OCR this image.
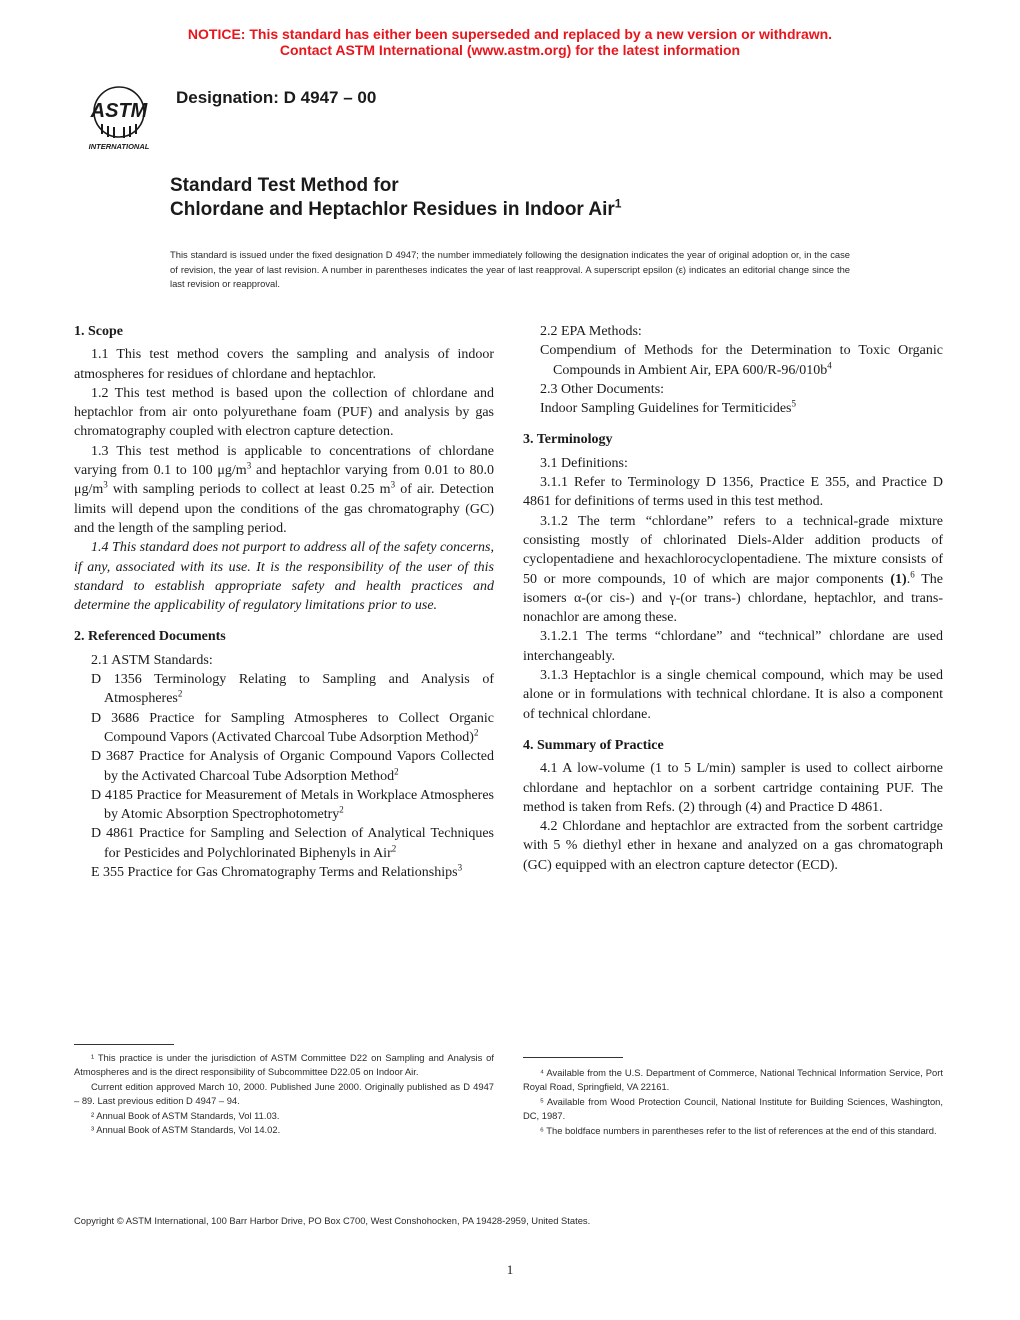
NOTICE: This standard has either been superseded and replaced by a new version or withdrawn.
Contact ASTM International (www.astm.org) for the latest information
ASTM
INTERNATIONAL
Designation: D 4947 – 00
Standard Test Method for
Chlordane and Heptachlor Residues in Indoor Air$^1$
This standard is issued under the fixed designation D 4947; the number immediately following the designation indicates the year of original adoption or, in the case of revision, the year of last revision. A number in parentheses indicates the year of last reapproval. A superscript epsilon (ε) indicates an editorial change since the last revision or reapproval.
1. Scope

1.1 This test method covers the sampling and analysis of indoor atmospheres for residues of chlordane and heptachlor.

1.2 This test method is based upon the collection of chlordane and heptachlor from air onto polyurethane foam (PUF) and analysis by gas chromatography coupled with electron capture detection.

1.3 This test method is applicable to concentrations of chlordane varying from 0.1 to 100 $\mu g/m^3$ and heptachlor varying from 0.01 to 80.0 $\mu g/m^3$ with sampling periods to collect at least 0.25 $m^3$ of air. Detection limits will depend upon the conditions of the gas chromatography (GC) and the length of the sampling period.

1.4 This standard does not purport to address all of the safety concerns, if any, associated with its use. It is the responsibility of the user of this standard to establish appropriate safety and health practices and determine the applicability of regulatory limitations prior to use.

2. Referenced Documents

2.1 ASTM Standards:

D 1356 Terminology Relating to Sampling and Analysis of Atmospheres$^2$

D 3686 Practice for Sampling Atmospheres to Collect Organic Compound Vapors (Activated Charcoal Tube Adsorption Method)$^2$

D 3687 Practice for Analysis of Organic Compound Vapors Collected by the Activated Charcoal Tube Adsorption Method$^2$

D 4185 Practice for Measurement of Metals in Workplace Atmospheres by Atomic Absorption Spectrophotometry$^2$

D 4861 Practice for Sampling and Selection of Analytical Techniques for Pesticides and Polychlorinated Biphenyls in Air$^2$

E 355 Practice for Gas Chromatography Terms and Relationships$^3$

2.2 EPA Methods:

Compendium of Methods for the Determination to Toxic Organic Compounds in Ambient Air, EPA $600/R-96/010b^4$

2.3 Other Documents:

Indoor Sampling Guidelines for Termiticides$^5$

3. Terminology

3.1 Definitions:

3.1.1 Refer to Terminology D 1356, Practice E 355, and Practice D 4861 for definitions of terms used in this test method.

3.1.2 The term “chlordane” refers to a technical-grade mixture consisting mostly of chlorinated Diels-Alder addition products of cyclopentadiene and hexachlorocyclopentadiene. The mixture consists of 50 or more compounds, 10 of which are major components (1).$^6$ The isomers α-(or cis-) and γ-(or trans-) chlordane, heptachlor, and trans-nonachlor are among these.

3.1.2.1 The terms “chlordane” and “technical” chlordane are used interchangeably.

3.1.3 Heptachlor is a single chemical compound, which may be used alone or in formulations with technical chlordane. It is also a component of technical chlordane.

4. Summary of Practice

4.1 A low-volume (1 to 5 L/min) sampler is used to collect airborne chlordane and heptachlor on a sorbent cartridge containing PUF. The method is taken from Refs. (2) through (4) and Practice D 4861.

4.2 Chlordane and heptachlor are extracted from the sorbent cartridge with 5 % diethyl ether in hexane and analyzed on a gas chromatograph (GC) equipped with an electron capture detector (ECD).

¹ This practice is under the jurisdiction of ASTM Committee D22 on Sampling and Analysis of Atmospheres and is the direct responsibility of Subcommittee D22.05 on Indoor Air.

Current edition approved March 10, 2000. Published June 2000. Originally published as D 4947 – 89. Last previous edition D 4947 – 94.

² Annual Book of ASTM Standards, Vol 11.03.

³ Annual Book of ASTM Standards, Vol 14.02.

⁴ Available from the U.S. Department of Commerce, National Technical Information Service, Port Royal Road, Springfield, VA 22161.

⁵ Available from Wood Protection Council, National Institute for Building Sciences, Washington, DC, 1987.

⁶ The boldface numbers in parentheses refer to the list of references at the end of this standard.

Copyright © ASTM International, 100 Barr Harbor Drive, PO Box C700, West Conshohocken, PA 19428-2959, United States.
1
